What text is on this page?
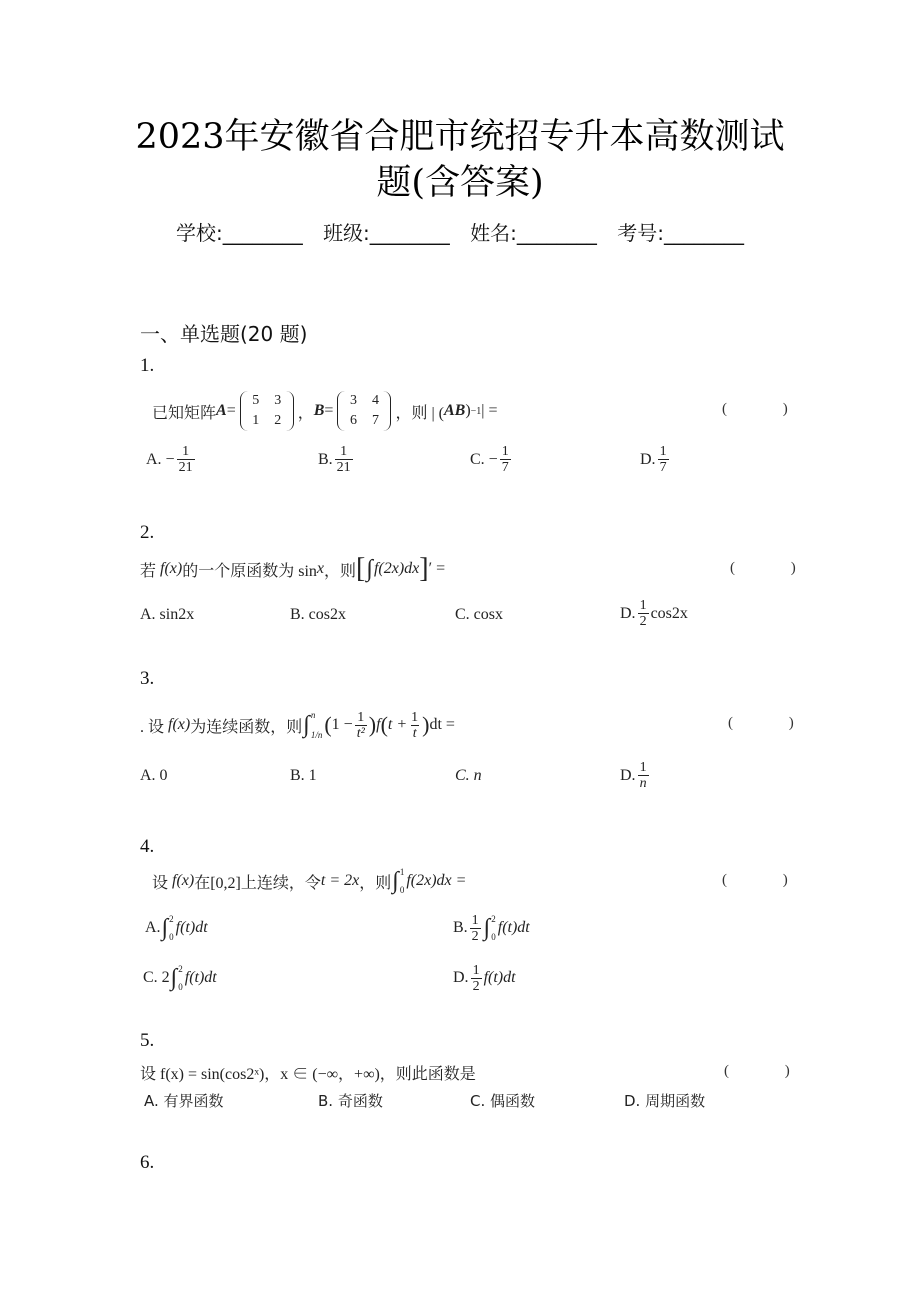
2023年安徽省合肥市统招专升本高数测试
题(含答案)
学校:________ 班级:________ 姓名:________ 考号:________
一、单选题(20 题)
1.
已知矩阵 A =
5	3
1	2	， B =
3	4
6	7	，则 | ( AB ) −1 | =	( )
A. − $\frac{1}{21}$	B. $\frac{1}{21}$	C. − $\frac{1}{7}$	D. $\frac{1}{7}$
2.
若 f(x) 的一个原函数为 sin x ，则 [ ∫ f(2x)dx ] ′ =	( )
A. sin2x	B. cos2x	C. cosx	D. $\frac{1}{2} \cos 2x$
3.
. 设 f(x) 为连续函数，则 ∫ n
1/n ( $1 - \frac{1}{\text{t²}}$ ) f ( $t + \frac{1}{t}$ ) dt =	( )
A. 0	B. 1	C. n	D. $\frac{1}{n}$
4.
设 f(x) 在[0,2]上连续，令 t = 2x ，则 ∫ 1
0
f(2x)dx =	( )
A. ∫ 2
0
f(t)dt	B. $\frac{1}{2}$ ∫ 2
0
f(t)dt
C. 2 ∫ 2
0
f(t)dt	D. $\frac{1}{2} f(t)dt$
5.
设 f(x) = sin(cos2ˣ)，x ∈ (−∞，+∞)，则此函数是	( )
A. 有界函数	B. 奇函数	C. 偶函数	D. 周期函数
6.
